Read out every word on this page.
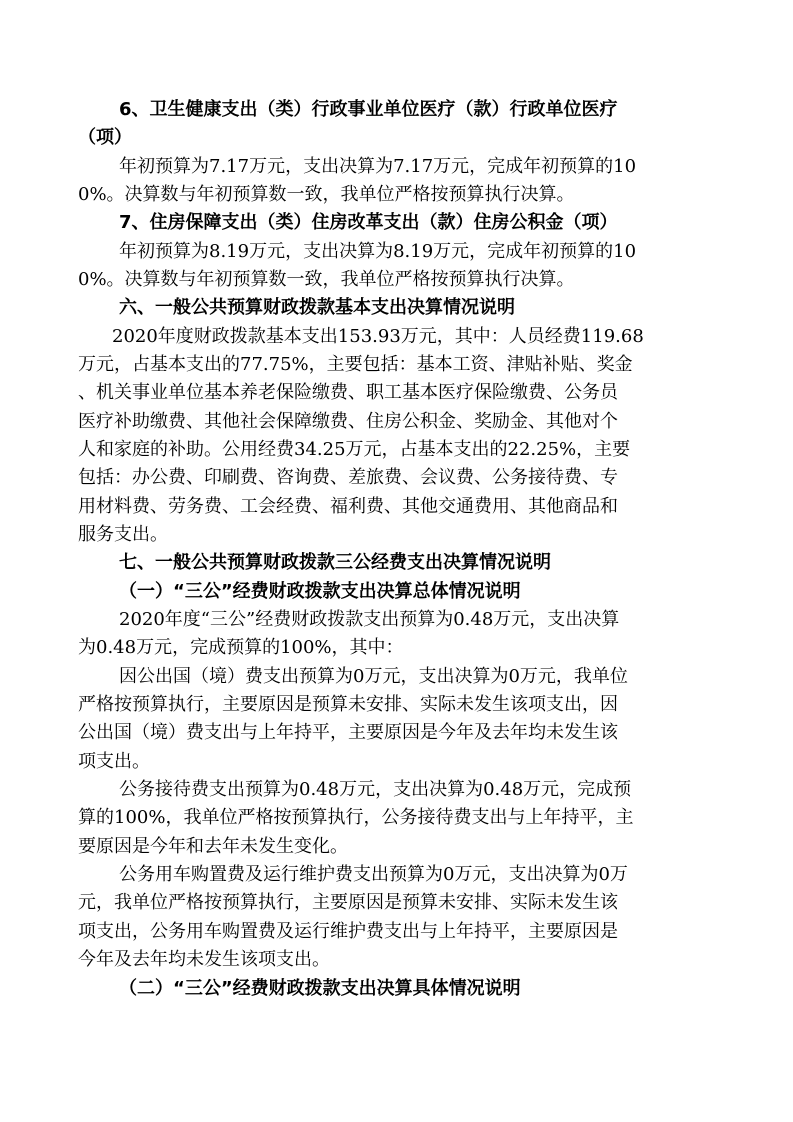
6、卫生健康支出（类）行政事业单位医疗（款）行政单位医疗
（项）
年初预算为7.17万元，支出决算为7.17万元，完成年初预算的10
0%。决算数与年初预算数一致，我单位严格按预算执行决算。
7、住房保障支出（类）住房改革支出（款）住房公积金（项）
年初预算为8.19万元，支出决算为8.19万元，完成年初预算的10
0%。决算数与年初预算数一致，我单位严格按预算执行决算。
六、一般公共预算财政拨款基本支出决算情况说明
2020年度财政拨款基本支出153.93万元，其中：人员经费119.68
万元，占基本支出的77.75%，主要包括：基本工资、津贴补贴、奖金
、机关事业单位基本养老保险缴费、职工基本医疗保险缴费、公务员
医疗补助缴费、其他社会保障缴费、住房公积金、奖励金、其他对个
人和家庭的补助。公用经费34.25万元，占基本支出的22.25%，主要
包括：办公费、印刷费、咨询费、差旅费、会议费、公务接待费、专
用材料费、劳务费、工会经费、福利费、其他交通费用、其他商品和
服务支出。
七、一般公共预算财政拨款三公经费支出决算情况说明
（一）“三公”经费财政拨款支出决算总体情况说明
2020年度“三公”经费财政拨款支出预算为0.48万元，支出决算
为0.48万元，完成预算的100%，其中：
因公出国（境）费支出预算为0万元，支出决算为0万元，我单位
严格按预算执行，主要原因是预算未安排、实际未发生该项支出，因
公出国（境）费支出与上年持平，主要原因是今年及去年均未发生该
项支出。
公务接待费支出预算为0.48万元，支出决算为0.48万元，完成预
算的100%，我单位严格按预算执行，公务接待费支出与上年持平，主
要原因是今年和去年未发生变化。
公务用车购置费及运行维护费支出预算为0万元，支出决算为0万
元，我单位严格按预算执行，主要原因是预算未安排、实际未发生该
项支出，公务用车购置费及运行维护费支出与上年持平，主要原因是
今年及去年均未发生该项支出。
（二）“三公”经费财政拨款支出决算具体情况说明
